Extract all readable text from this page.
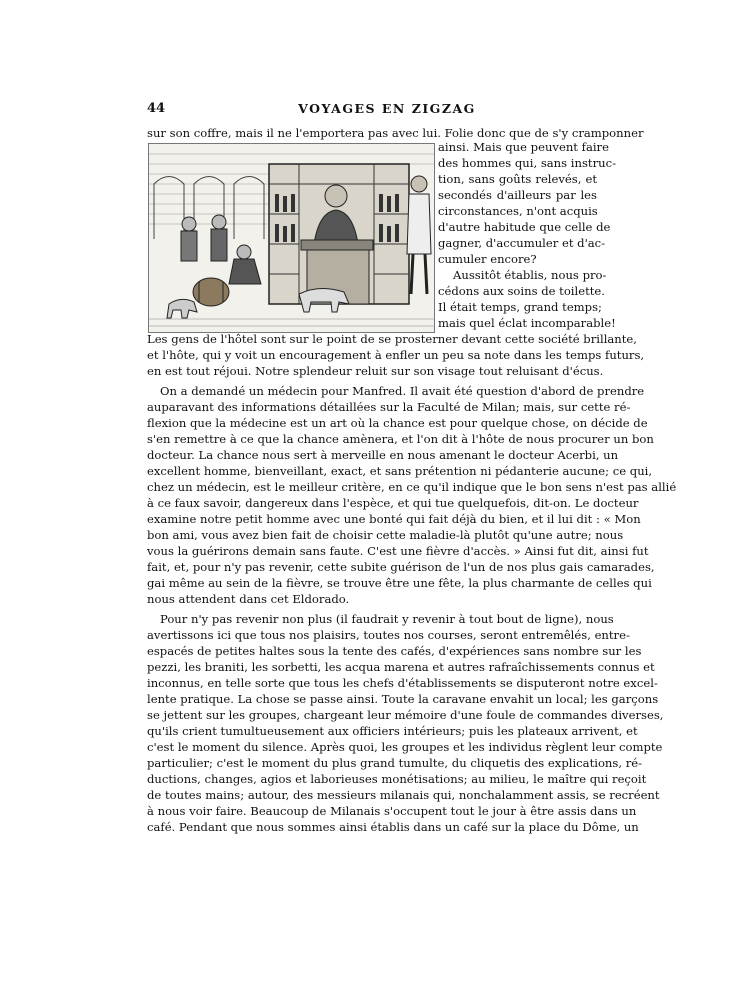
44	VOYAGES EN ZIGZAG
sur son coffre, mais il ne l'emportera pas avec lui. Folie donc que de s'y cramponner
ainsi. Mais que peuvent faire
des hommes qui, sans instruc-
tion, sans goûts relevés, et
secondés d'ailleurs par les
circonstances, n'ont acquis
d'autre habitude que celle de
gagner, d'accumuler et d'ac-
cumuler encore?
Aussitôt établis, nous pro-
cédons aux soins de toilette.
Il était temps, grand temps;
mais quel éclat incomparable!
Les gens de l'hôtel sont sur le point de se prosterner devant cette société brillante,
et l'hôte, qui y voit un encouragement à enfler un peu sa note dans les temps futurs,
en est tout réjoui. Notre splendeur reluit sur son visage tout reluisant d'écus.
On a demandé un médecin pour Manfred. Il avait été question d'abord de prendre
auparavant des informations détaillées sur la Faculté de Milan; mais, sur cette ré-
flexion que la médecine est un art où la chance est pour quelque chose, on décide de
s'en remettre à ce que la chance amènera, et l'on dit à l'hôte de nous procurer un bon
docteur. La chance nous sert à merveille en nous amenant le docteur Acerbi, un
excellent homme, bienveillant, exact, et sans prétention ni pédanterie aucune; ce qui,
chez un médecin, est le meilleur critère, en ce qu'il indique que le bon sens n'est pas allié
à ce faux savoir, dangereux dans l'espèce, et qui tue quelquefois, dit-on. Le docteur
examine notre petit homme avec une bonté qui fait déjà du bien, et il lui dit : « Mon
bon ami, vous avez bien fait de choisir cette maladie-là plutôt qu'une autre; nous
vous la guérirons demain sans faute. C'est une fièvre d'accès. » Ainsi fut dit, ainsi fut
fait, et, pour n'y pas revenir, cette subite guérison de l'un de nos plus gais camarades,
gai même au sein de la fièvre, se trouve être une fête, la plus charmante de celles qui
nous attendent dans cet Eldorado.
Pour n'y pas revenir non plus (il faudrait y revenir à tout bout de ligne), nous
avertissons ici que tous nos plaisirs, toutes nos courses, seront entremêlés, entre-
espacés de petites haltes sous la tente des cafés, d'expériences sans nombre sur les
pezzi, les braniti, les sorbetti, les acqua marena et autres rafraîchissements connus et
inconnus, en telle sorte que tous les chefs d'établissements se disputeront notre excel-
lente pratique. La chose se passe ainsi. Toute la caravane envahit un local; les garçons
se jettent sur les groupes, chargeant leur mémoire d'une foule de commandes diverses,
qu'ils crient tumultueusement aux officiers intérieurs; puis les plateaux arrivent, et
c'est le moment du silence. Après quoi, les groupes et les individus règlent leur compte
particulier; c'est le moment du plus grand tumulte, du cliquetis des explications, ré-
ductions, changes, agios et laborieuses monétisations; au milieu, le maître qui reçoit
de toutes mains; autour, des messieurs milanais qui, nonchalamment assis, se recréent
à nous voir faire. Beaucoup de Milanais s'occupent tout le jour à être assis dans un
café. Pendant que nous sommes ainsi établis dans un café sur la place du Dôme, un
